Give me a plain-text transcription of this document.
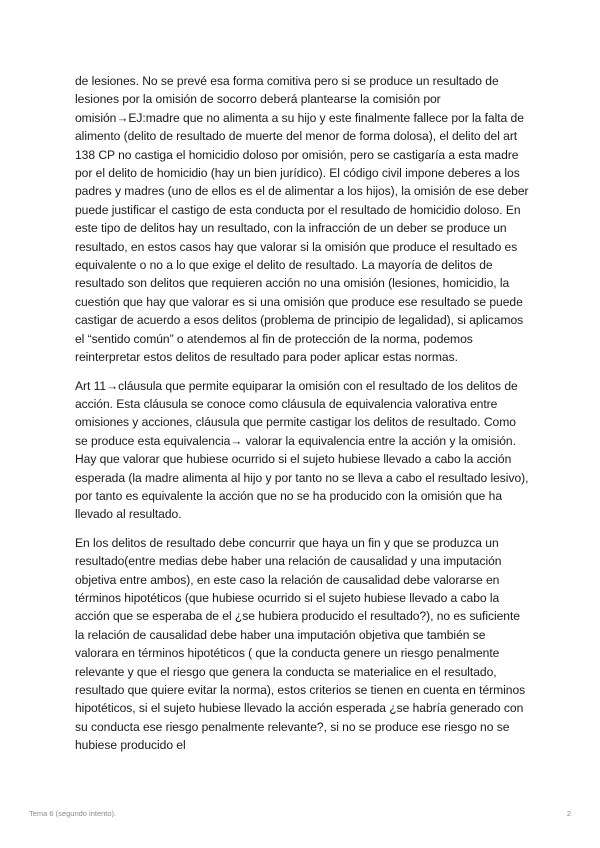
de lesiones. No se prevé esa forma comitiva pero si se produce un resultado de lesiones por la omisión de socorro deberá plantearse la comisión por omisión→EJ:madre que no alimenta a su hijo y este finalmente fallece por la falta de alimento (delito de resultado de muerte del menor de forma dolosa), el delito del art 138 CP no castiga el homicidio doloso por omisión, pero se castigaría a esta madre por el delito de homicidio (hay un bien jurídico). El código civil impone deberes a los padres y madres (uno de ellos es el de alimentar a los hijos), la omisión de ese deber puede justificar el castigo de esta conducta por el resultado de homicidio doloso. En este tipo de delitos hay un resultado, con la infracción de un deber se produce un resultado, en estos casos hay que valorar si la omisión que produce el resultado es equivalente o no a lo que exige el delito de resultado. La mayoría de delitos de resultado son delitos que requieren acción no una omisión (lesiones, homicidio, la cuestión que hay que valorar es si una omisión que produce ese resultado se puede castigar de acuerdo a esos delitos (problema de principio de legalidad), si aplicamos el “sentido común” o atendemos al fin de protección de la norma, podemos reinterpretar estos delitos de resultado para poder aplicar estas normas.

Art 11→cláusula que permite equiparar la omisión con el resultado de los delitos de acción. Esta cláusula se conoce como cláusula de equivalencia valorativa entre omisiones y acciones, cláusula que permite castigar los delitos de resultado. Como se produce esta equivalencia→ valorar la equivalencia entre la acción y la omisión. Hay que valorar que hubiese ocurrido si el sujeto hubiese llevado a cabo la acción esperada (la madre alimenta al hijo y por tanto no se lleva a cabo el resultado lesivo), por tanto es equivalente la acción que no se ha producido con la omisión que ha llevado al resultado.

En los delitos de resultado debe concurrir que haya un fin y que se produzca un resultado(entre medias debe haber una relación de causalidad y una imputación objetiva entre ambos), en este caso la relación de causalidad debe valorarse en términos hipotéticos (que hubiese ocurrido si el sujeto hubiese llevado a cabo la acción que se esperaba de el ¿se hubiera producido el resultado?), no es suficiente la relación de causalidad debe haber una imputación objetiva que también se valorara en términos hipotéticos ( que la conducta genere un riesgo penalmente relevante y que el riesgo que genera la conducta se materialice en el resultado, resultado que quiere evitar la norma), estos criterios se tienen en cuenta en términos hipotéticos, si el sujeto hubiese llevado la acción esperada ¿se habría generado con su conducta ese riesgo penalmente relevante?, si no se produce ese riesgo no se hubiese producido el

Tema 6 (segundo intento).	2
